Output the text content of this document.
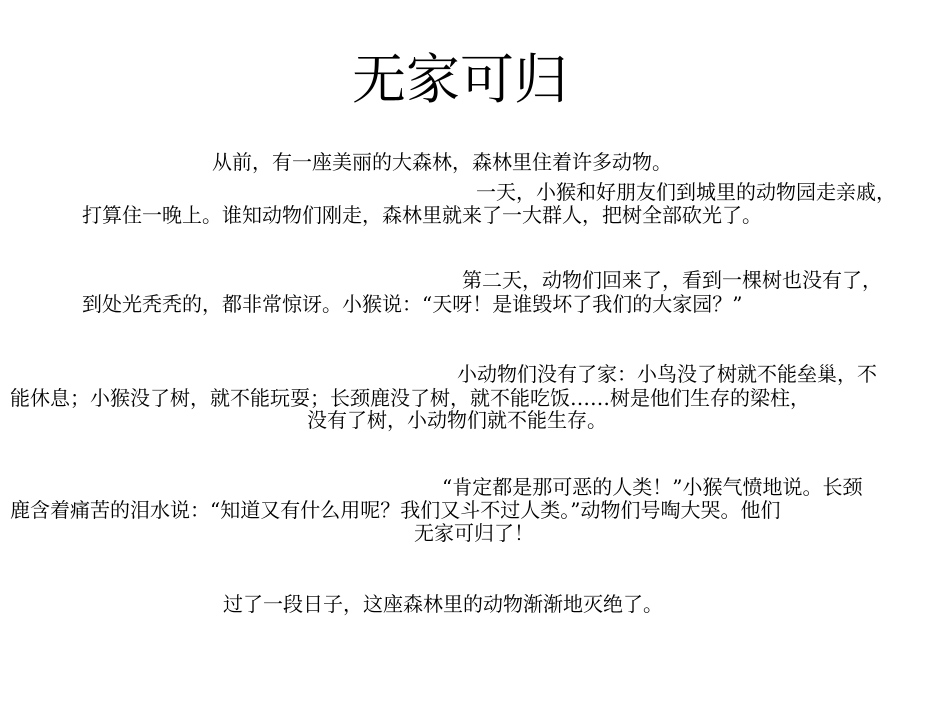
无家可归
从前，有一座美丽的大森林，森林里住着许多动物。
一天，小猴和好朋友们到城里的动物园走亲戚，
打算住一晚上。谁知动物们刚走，森林里就来了一大群人，把树全部砍光了。
第二天，动物们回来了，看到一棵树也没有了，
到处光秃秃的，都非常惊讶。小猴说：“天呀！是谁毁坏了我们的大家园？”
小动物们没有了家：小鸟没了树就不能垒巢，不
能休息；小猴没了树，就不能玩耍；长颈鹿没了树，就不能吃饭……树是他们生存的梁柱，
没有了树，小动物们就不能生存。
“肯定都是那可恶的人类！”小猴气愤地说。长颈
鹿含着痛苦的泪水说：“知道又有什么用呢？我们又斗不过人类。”动物们号啕大哭。他们
无家可归了！
过了一段日子，这座森林里的动物渐渐地灭绝了。
